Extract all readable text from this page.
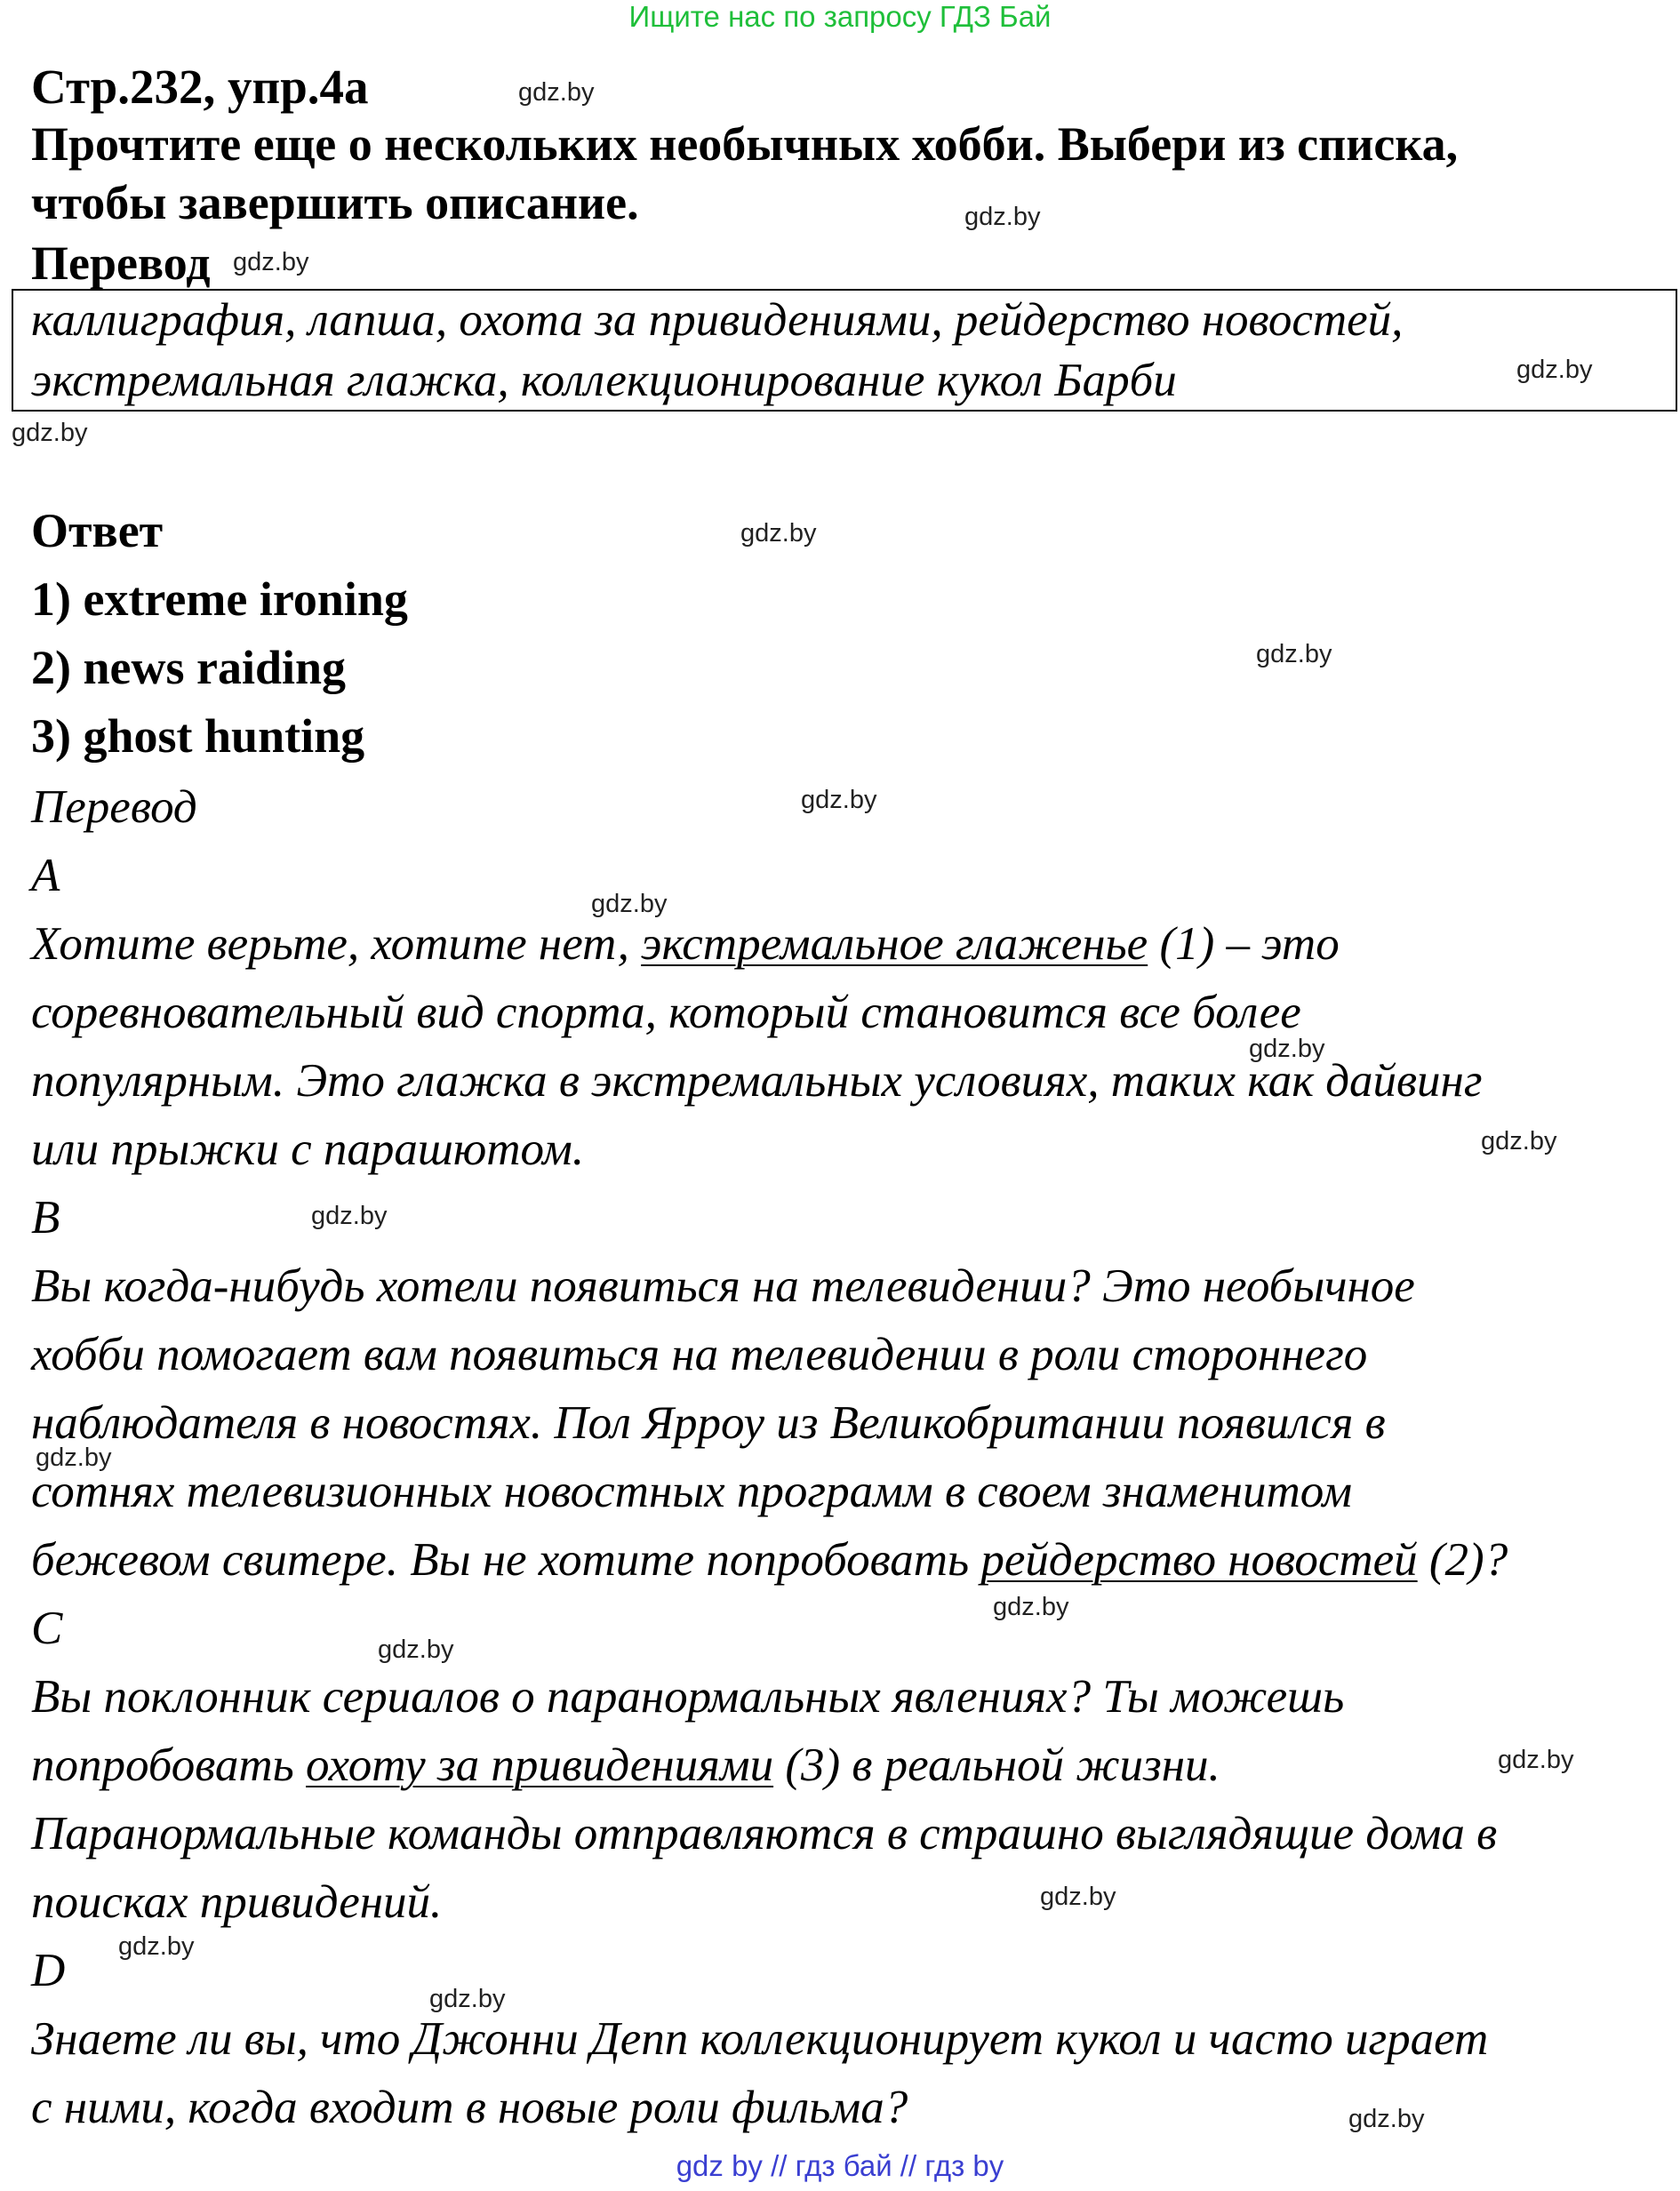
Ищите нас по запросу ГДЗ Бай
Стр.232, упр.4a
Прочтите еще о нескольких необычных хобби. Выбери из списка,
чтобы завершить описание.
Перевод
каллиграфия, лапша, охота за привидениями, рейдерство новостей,
экстремальная глажка, коллекционирование кукол Барби
Ответ
1) extreme ironing
2) news raiding
3) ghost hunting
Перевод
A
Хотите верьте, хотите нет, экстремальное глаженье (1) – это
соревновательный вид спорта, который становится все более
популярным. Это глажка в экстремальных условиях, таких как дайвинг
или прыжки с парашютом.
B
Вы когда-нибудь хотели появиться на телевидении? Это необычное
хобби помогает вам появиться на телевидении в роли стороннего
наблюдателя в новостях. Пол Ярроу из Великобритании появился в
сотнях телевизионных новостных программ в своем знаменитом
бежевом свитере. Вы не хотите попробовать рейдерство новостей (2)?
C
Вы поклонник сериалов о паранормальных явлениях? Ты можешь
попробовать охоту за привидениями (3) в реальной жизни.
Паранормальные команды отправляются в страшно выглядящие дома в
поисках привидений.
D
Знаете ли вы, что Джонни Депп коллекционирует кукол и часто играет
с ними, когда входит в новые роли фильма?
gdz.by
gdz.by
gdz.by
gdz.by
gdz.by
gdz.by
gdz.by
gdz.by
gdz.by
gdz.by
gdz.by
gdz.by
gdz.by
gdz.by
gdz.by
gdz.by
gdz.by
gdz.by
gdz.by
gdz.by
gdz by // гдз бай // гдз by
